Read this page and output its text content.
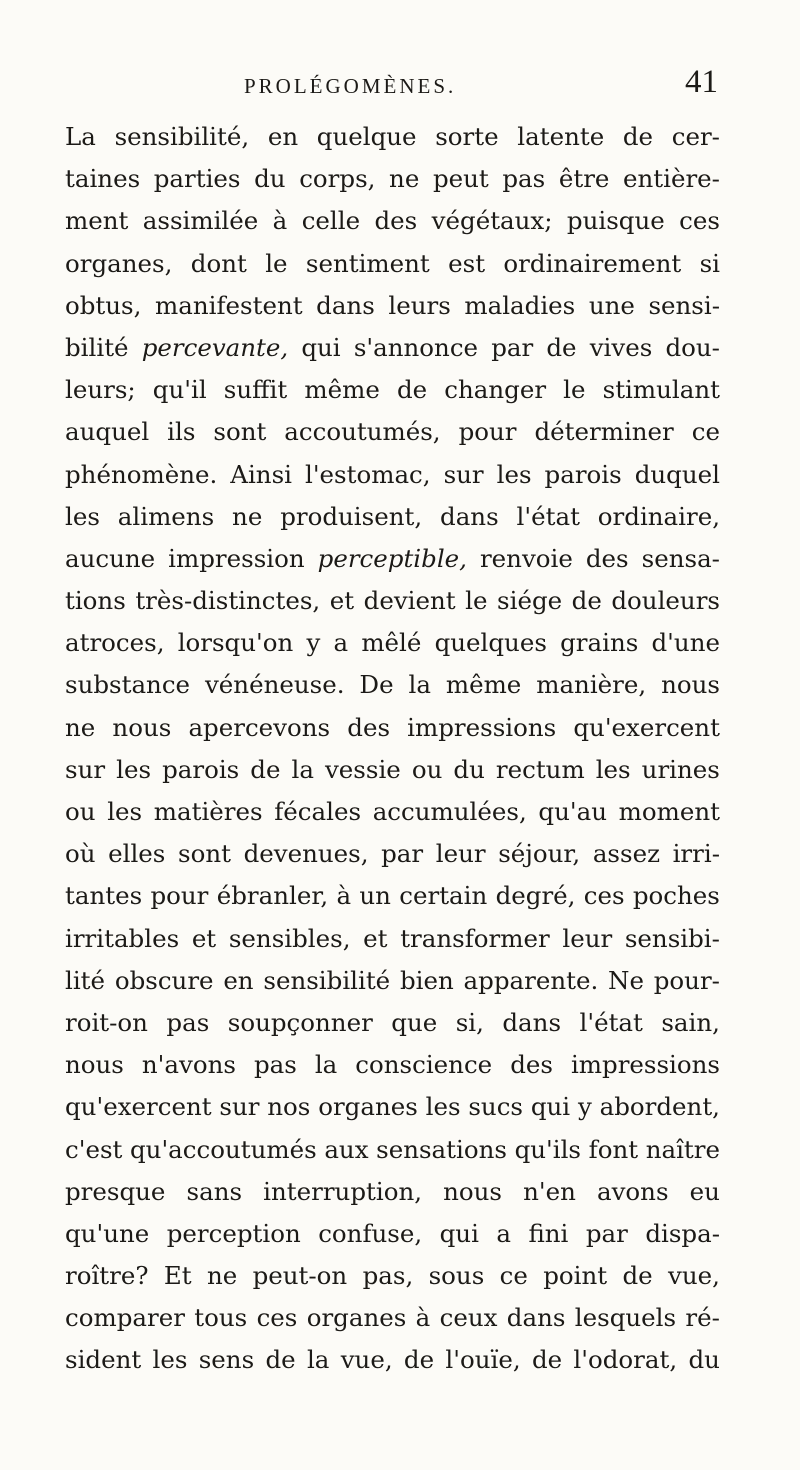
PROLÉGOMÈNES.	41
La sensibilité, en quelque sorte latente de cer-
taines parties du corps, ne peut pas être entière-
ment assimilée à celle des végétaux; puisque ces
organes, dont le sentiment est ordinairement si
obtus, manifestent dans leurs maladies une sensi-
bilité percevante, qui s'annonce par de vives dou-
leurs; qu'il suffit même de changer le stimulant
auquel ils sont accoutumés, pour déterminer ce
phénomène. Ainsi l'estomac, sur les parois duquel
les alimens ne produisent, dans l'état ordinaire,
aucune impression perceptible, renvoie des sensa-
tions très-distinctes, et devient le siége de douleurs
atroces, lorsqu'on y a mêlé quelques grains d'une
substance vénéneuse. De la même manière, nous
ne nous apercevons des impressions qu'exercent
sur les parois de la vessie ou du rectum les urines
ou les matières fécales accumulées, qu'au moment
où elles sont devenues, par leur séjour, assez irri-
tantes pour ébranler, à un certain degré, ces poches
irritables et sensibles, et transformer leur sensibi-
lité obscure en sensibilité bien apparente. Ne pour-
roit-on pas soupçonner que si, dans l'état sain,
nous n'avons pas la conscience des impressions
qu'exercent sur nos organes les sucs qui y abordent,
c'est qu'accoutumés aux sensations qu'ils font naître
presque sans interruption, nous n'en avons eu
qu'une perception confuse, qui a fini par dispa-
roître? Et ne peut-on pas, sous ce point de vue,
comparer tous ces organes à ceux dans lesquels ré-
sident les sens de la vue, de l'ouïe, de l'odorat, du
